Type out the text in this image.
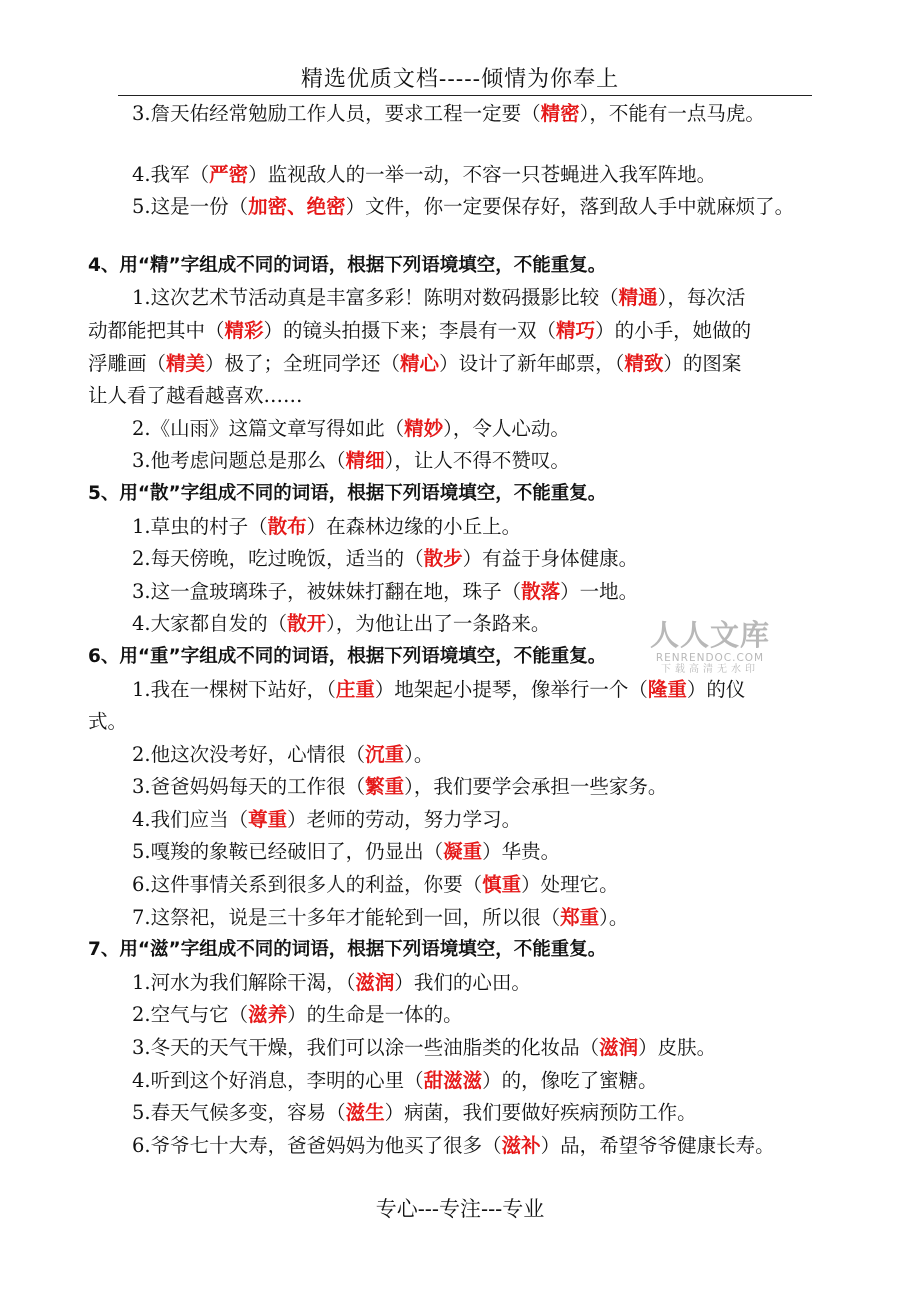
精选优质文档-----倾情为你奉上
3.詹天佑经常勉励工作人员，要求工程一定要（精密），不能有一点马虎。
4.我军（严密）监视敌人的一举一动，不容一只苍蝇进入我军阵地。
5.这是一份（加密、绝密）文件，你一定要保存好，落到敌人手中就麻烦了。
4、用“精”字组成不同的词语，根据下列语境填空，不能重复。
1.这次艺术节活动真是丰富多彩！陈明对数码摄影比较（精通），每次活
动都能把其中（精彩）的镜头拍摄下来；李晨有一双（精巧）的小手，她做的
浮雕画（精美）极了；全班同学还（精心）设计了新年邮票，（精致）的图案
让人看了越看越喜欢……
2.《山雨》这篇文章写得如此（精妙），令人心动。
3.他考虑问题总是那么（精细），让人不得不赞叹。
5、用“散”字组成不同的词语，根据下列语境填空，不能重复。
1.草虫的村子（散布）在森林边缘的小丘上。
2.每天傍晚，吃过晚饭，适当的（散步）有益于身体健康。
3.这一盒玻璃珠子，被妹妹打翻在地，珠子（散落）一地。
4.大家都自发的（散开），为他让出了一条路来。
6、用“重”字组成不同的词语，根据下列语境填空，不能重复。
1.我在一棵树下站好，（庄重）地架起小提琴，像举行一个（隆重）的仪
式。
2.他这次没考好，心情很（沉重）。
3.爸爸妈妈每天的工作很（繁重），我们要学会承担一些家务。
4.我们应当（尊重）老师的劳动，努力学习。
5.嘎羧的象鞍已经破旧了，仍显出（凝重）华贵。
6.这件事情关系到很多人的利益，你要（慎重）处理它。
7.这祭祀，说是三十多年才能轮到一回，所以很（郑重）。
7、用“滋”字组成不同的词语，根据下列语境填空，不能重复。
1.河水为我们解除干渴，（滋润）我们的心田。
2.空气与它（滋养）的生命是一体的。
3.冬天的天气干燥，我们可以涂一些油脂类的化妆品（滋润）皮肤。
4.听到这个好消息，李明的心里（甜滋滋）的，像吃了蜜糖。
5.春天气候多变，容易（滋生）病菌，我们要做好疾病预防工作。
6.爷爷七十大寿，爸爸妈妈为他买了很多（滋补）品，希望爷爷健康长寿。
人人文库
RENRENDOC.COM
下载高清无水印
专心---专注---专业
